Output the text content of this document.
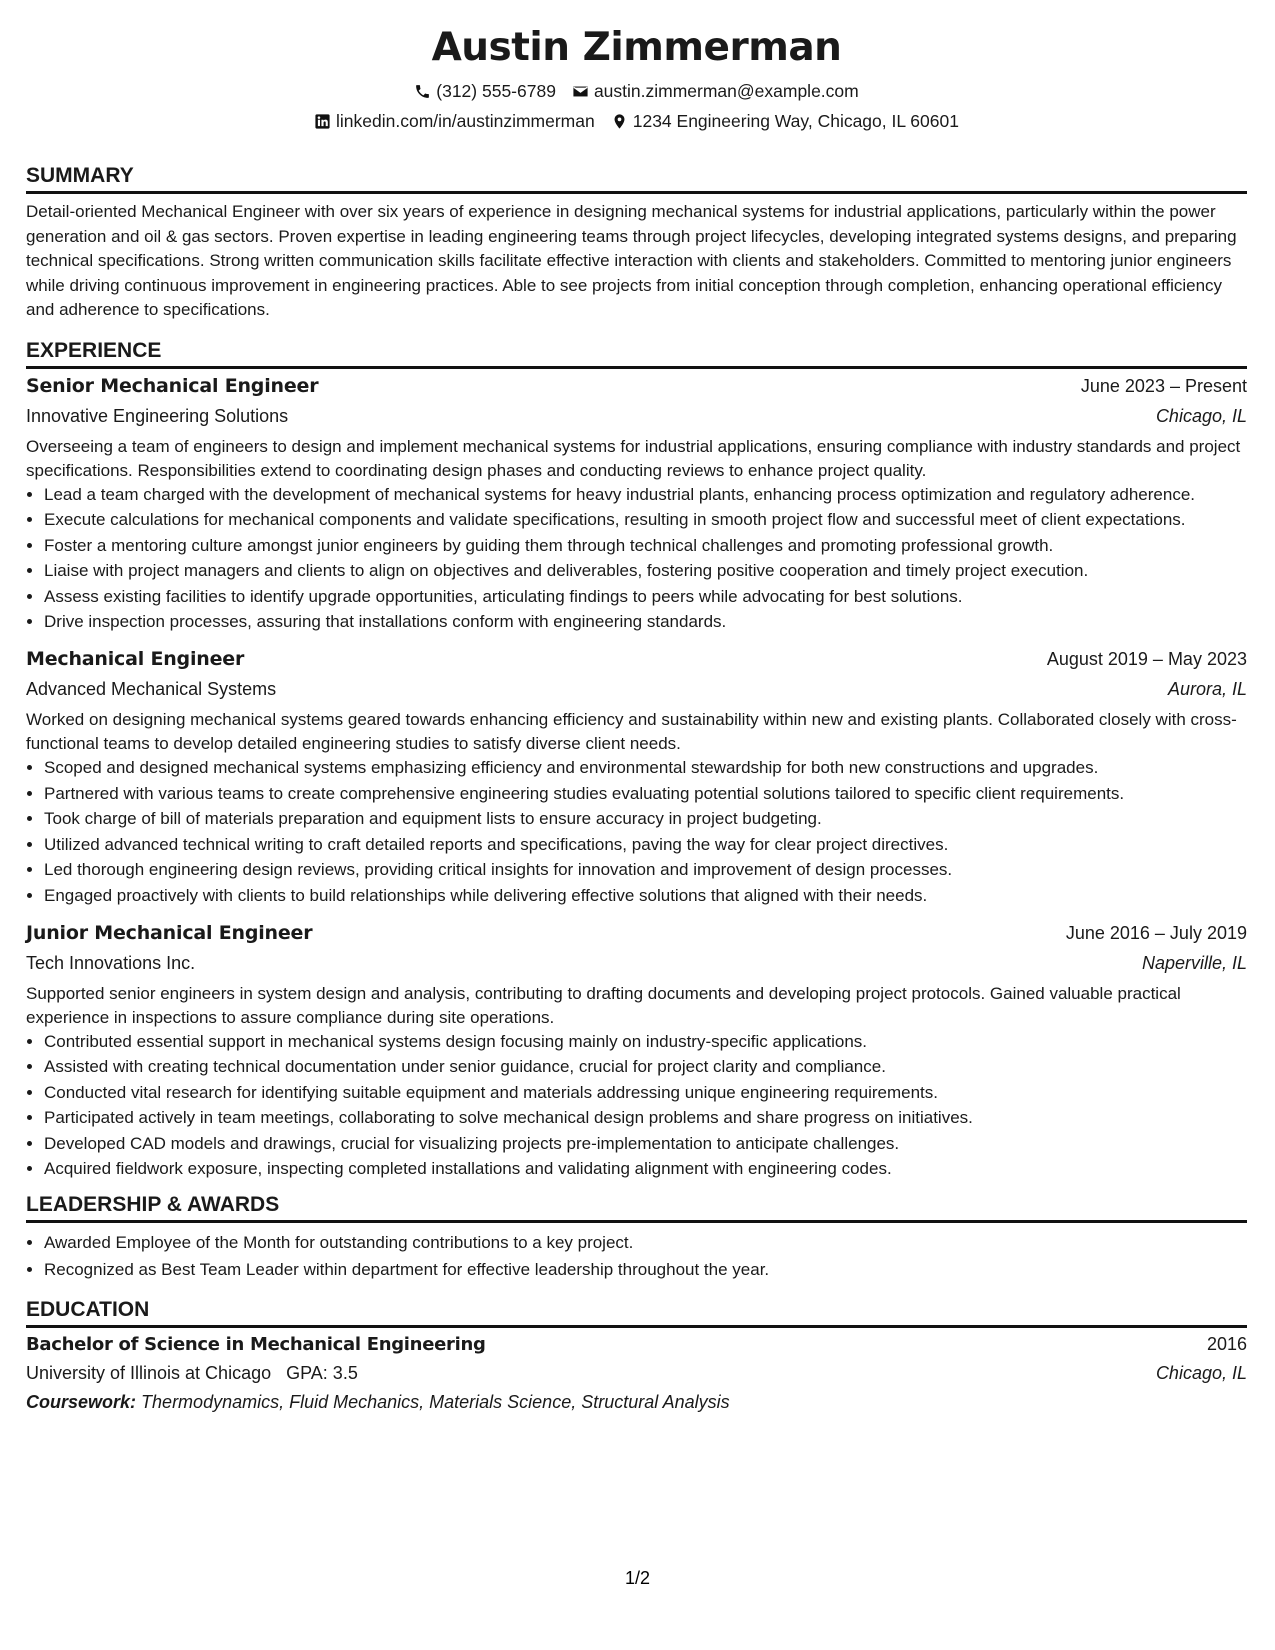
Austin Zimmerman
(312) 555-6789 austin.zimmerman@example.com
linkedin.com/in/austinzimmerman 1234 Engineering Way, Chicago, IL 60601
SUMMARY

Detail-oriented Mechanical Engineer with over six years of experience in designing mechanical systems for industrial applications, particularly within the power generation and oil & gas sectors. Proven expertise in leading engineering teams through project lifecycles, developing integrated systems designs, and preparing technical specifications. Strong written communication skills facilitate effective interaction with clients and stakeholders. Committed to mentoring junior engineers while driving continuous improvement in engineering practices. Able to see projects from initial conception through completion, enhancing operational efficiency and adherence to specifications.

EXPERIENCE
Senior Mechanical Engineer	June 2023 – Present
Innovative Engineering Solutions	Chicago, IL

Overseeing a team of engineers to design and implement mechanical systems for industrial applications, ensuring compliance with industry standards and project specifications. Responsibilities extend to coordinating design phases and conducting reviews to enhance project quality.

• Lead a team charged with the development of mechanical systems for heavy industrial plants, enhancing process optimization and regulatory adherence.
• Execute calculations for mechanical components and validate specifications, resulting in smooth project flow and successful meet of client expectations.
• Foster a mentoring culture amongst junior engineers by guiding them through technical challenges and promoting professional growth.
• Liaise with project managers and clients to align on objectives and deliverables, fostering positive cooperation and timely project execution.
• Assess existing facilities to identify upgrade opportunities, articulating findings to peers while advocating for best solutions.
• Drive inspection processes, assuring that installations conform with engineering standards.
Mechanical Engineer	August 2019 – May 2023
Advanced Mechanical Systems	Aurora, IL

Worked on designing mechanical systems geared towards enhancing efficiency and sustainability within new and existing plants. Collaborated closely with cross-functional teams to develop detailed engineering studies to satisfy diverse client needs.

• Scoped and designed mechanical systems emphasizing efficiency and environmental stewardship for both new constructions and upgrades.
• Partnered with various teams to create comprehensive engineering studies evaluating potential solutions tailored to specific client requirements.
• Took charge of bill of materials preparation and equipment lists to ensure accuracy in project budgeting.
• Utilized advanced technical writing to craft detailed reports and specifications, paving the way for clear project directives.
• Led thorough engineering design reviews, providing critical insights for innovation and improvement of design processes.
• Engaged proactively with clients to build relationships while delivering effective solutions that aligned with their needs.
Junior Mechanical Engineer	June 2016 – July 2019
Tech Innovations Inc.	Naperville, IL

Supported senior engineers in system design and analysis, contributing to drafting documents and developing project protocols. Gained valuable practical experience in inspections to assure compliance during site operations.

• Contributed essential support in mechanical systems design focusing mainly on industry-specific applications.
• Assisted with creating technical documentation under senior guidance, crucial for project clarity and compliance.
• Conducted vital research for identifying suitable equipment and materials addressing unique engineering requirements.
• Participated actively in team meetings, collaborating to solve mechanical design problems and share progress on initiatives.
• Developed CAD models and drawings, crucial for visualizing projects pre-implementation to anticipate challenges.
• Acquired fieldwork exposure, inspecting completed installations and validating alignment with engineering codes.
LEADERSHIP & AWARDS
• Awarded Employee of the Month for outstanding contributions to a key project.
• Recognized as Best Team Leader within department for effective leadership throughout the year.
EDUCATION
Bachelor of Science in Mechanical Engineering	2016
University of Illinois at Chicago GPA: 3.5	Chicago, IL
Coursework: Thermodynamics, Fluid Mechanics, Materials Science, Structural Analysis
1/2
